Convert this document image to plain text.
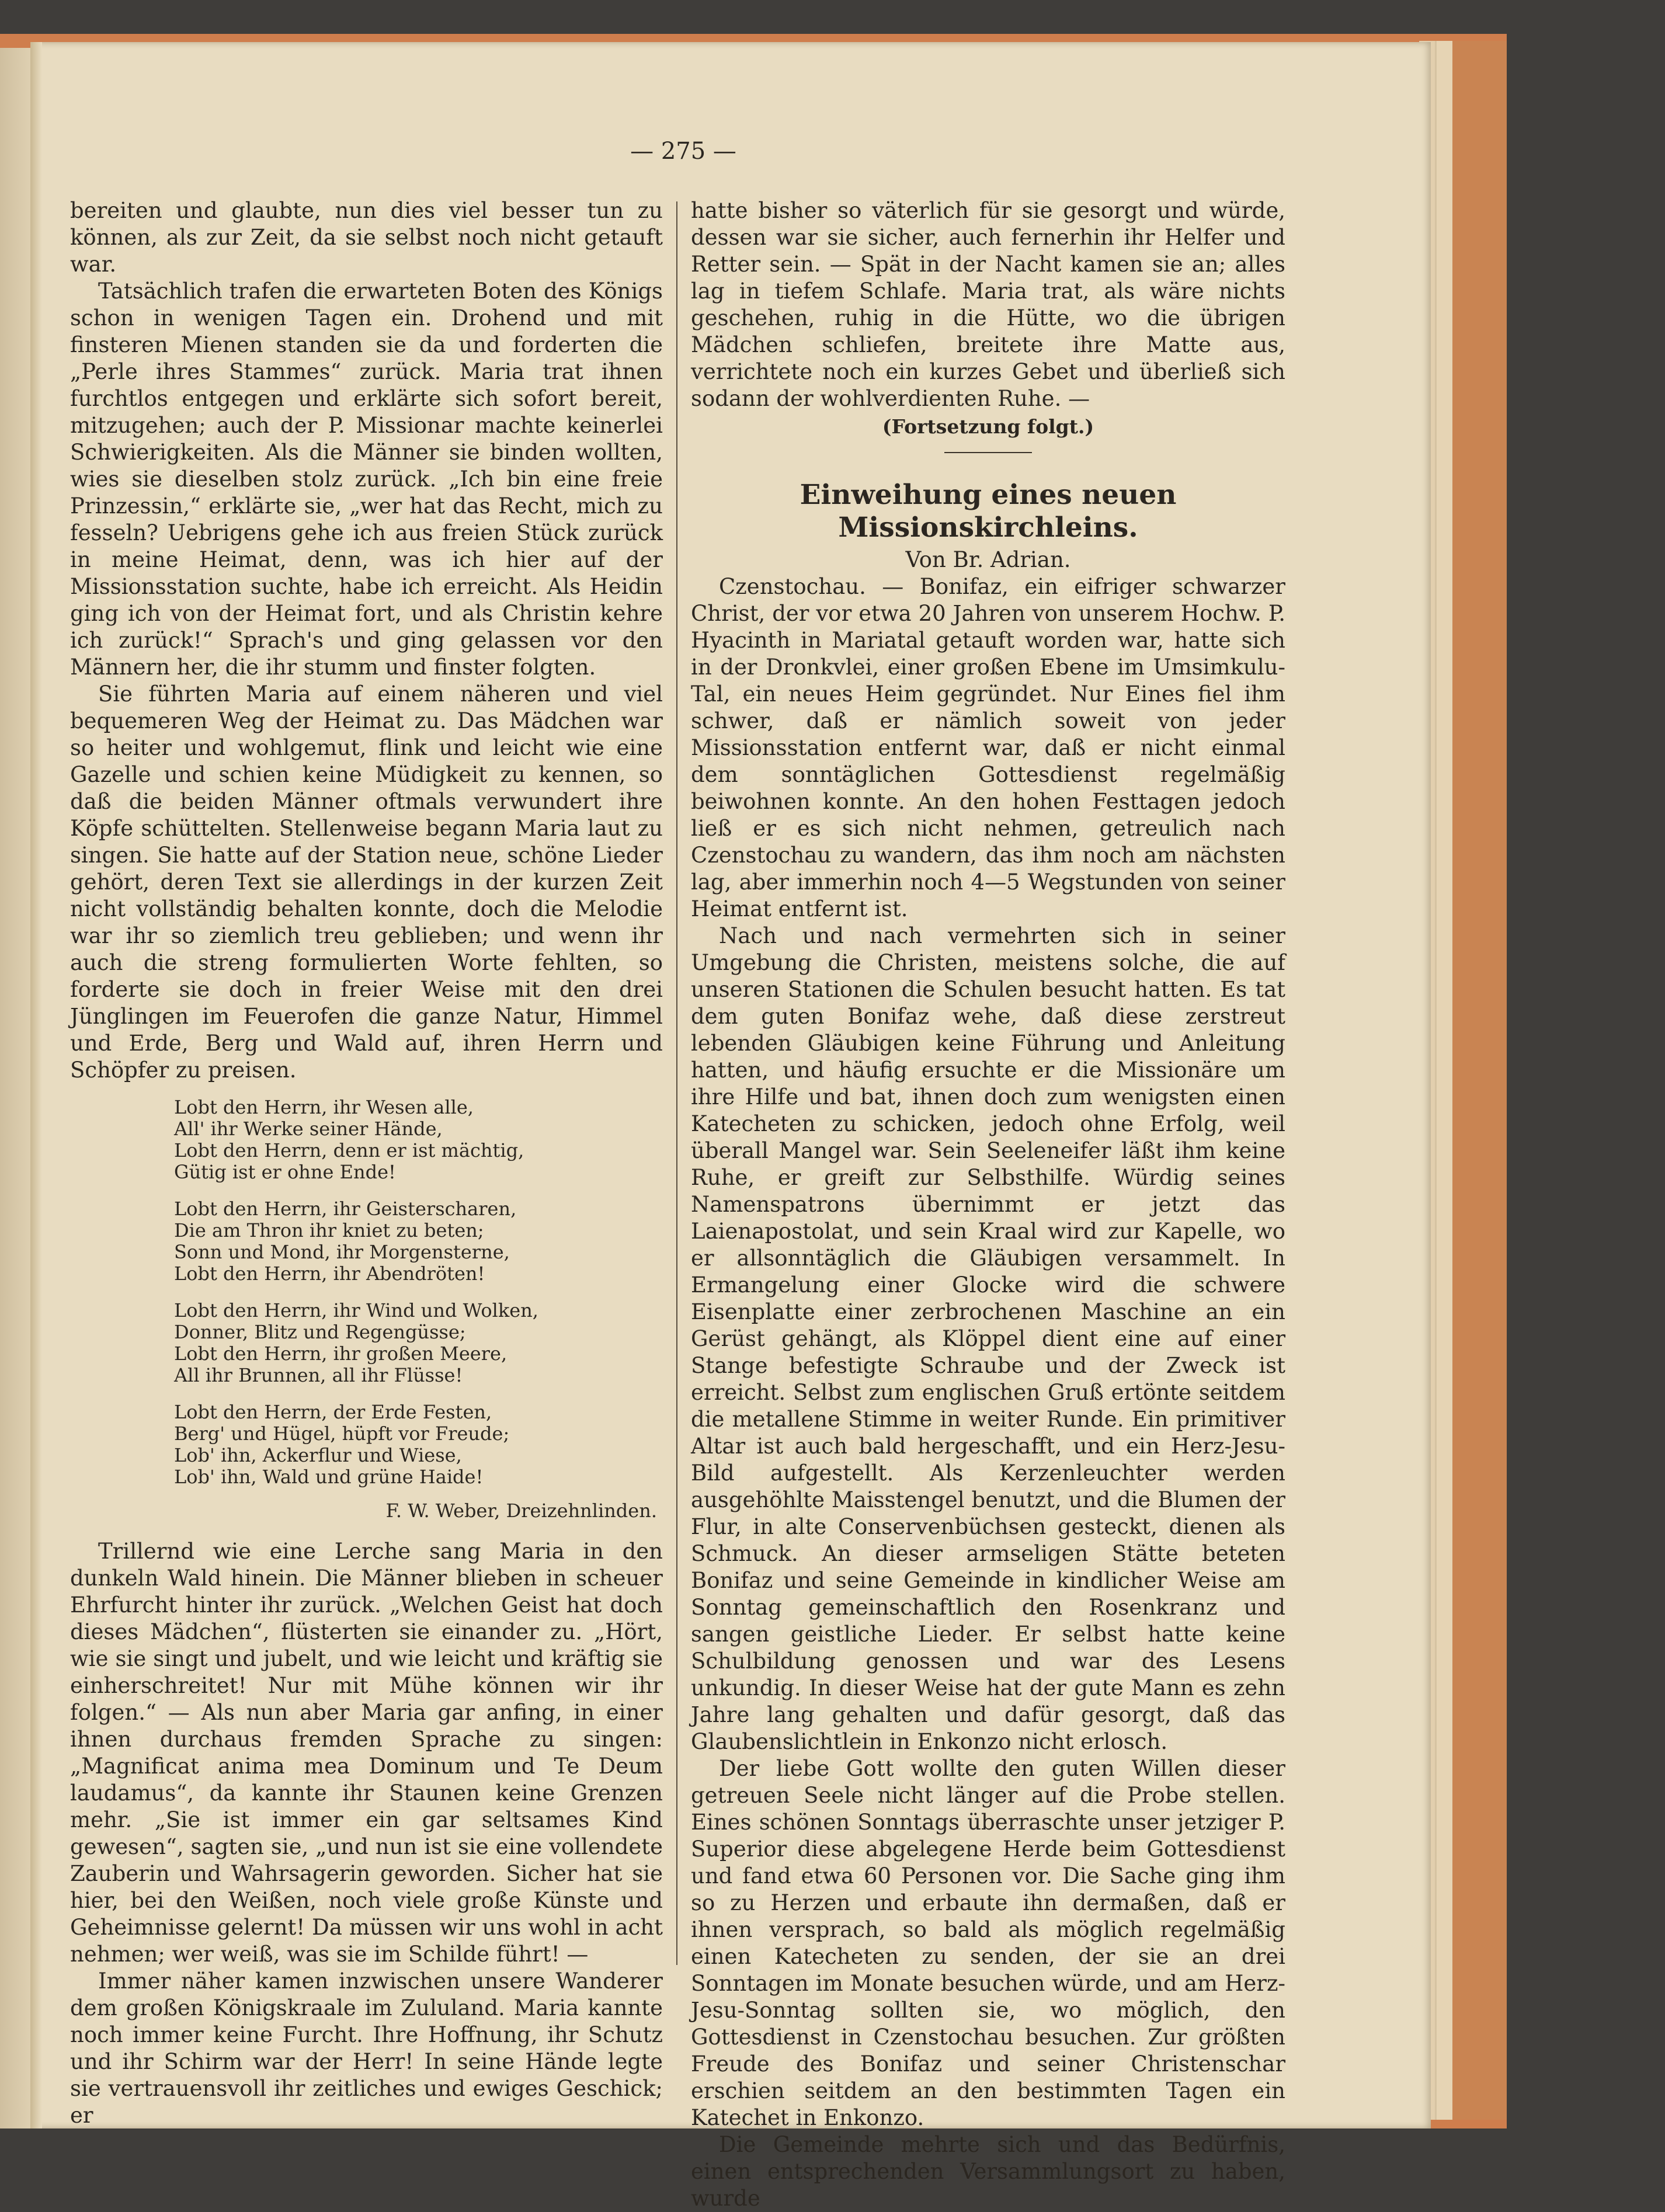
— 275 —

bereiten und glaubte, nun dies viel besser tun zu können, als zur Zeit, da sie selbst noch nicht getauft war.

Tatsächlich trafen die erwarteten Boten des Königs schon in wenigen Tagen ein. Drohend und mit finsteren Mienen standen sie da und forderten die „Perle ihres Stammes“ zurück. Maria trat ihnen furchtlos entgegen und erklärte sich sofort bereit, mitzugehen; auch der P. Missionar machte keinerlei Schwierigkeiten. Als die Männer sie binden wollten, wies sie dieselben stolz zurück. „Ich bin eine freie Prinzessin,“ erklärte sie, „wer hat das Recht, mich zu fesseln? Uebrigens gehe ich aus freien Stück zurück in meine Heimat, denn, was ich hier auf der Missionsstation suchte, habe ich erreicht. Als Heidin ging ich von der Heimat fort, und als Christin kehre ich zurück!“ Sprach's und ging gelassen vor den Männern her, die ihr stumm und finster folgten.

Sie führten Maria auf einem näheren und viel bequemeren Weg der Heimat zu. Das Mädchen war so heiter und wohlgemut, flink und leicht wie eine Gazelle und schien keine Müdigkeit zu kennen, so daß die beiden Männer oftmals verwundert ihre Köpfe schüttelten. Stellenweise begann Maria laut zu singen. Sie hatte auf der Station neue, schöne Lieder gehört, deren Text sie allerdings in der kurzen Zeit nicht vollständig behalten konnte, doch die Melodie war ihr so ziemlich treu geblieben; und wenn ihr auch die streng formulierten Worte fehlten, so forderte sie doch in freier Weise mit den drei Jünglingen im Feuerofen die ganze Natur, Himmel und Erde, Berg und Wald auf, ihren Herrn und Schöpfer zu preisen.

Lobt den Herrn, ihr Wesen alle,
All' ihr Werke seiner Hände,
Lobt den Herrn, denn er ist mächtig,
Gütig ist er ohne Ende!
Lobt den Herrn, ihr Geisterscharen,
Die am Thron ihr kniet zu beten;
Sonn und Mond, ihr Morgensterne,
Lobt den Herrn, ihr Abendröten!
Lobt den Herrn, ihr Wind und Wolken,
Donner, Blitz und Regengüsse;
Lobt den Herrn, ihr großen Meere,
All ihr Brunnen, all ihr Flüsse!
Lobt den Herrn, der Erde Festen,
Berg' und Hügel, hüpft vor Freude;
Lob' ihn, Ackerflur und Wiese,
Lob' ihn, Wald und grüne Haide!
F. W. Weber, Dreizehnlinden.

Trillernd wie eine Lerche sang Maria in den dunkeln Wald hinein. Die Männer blieben in scheuer Ehrfurcht hinter ihr zurück. „Welchen Geist hat doch dieses Mädchen“, flüsterten sie einander zu. „Hört, wie sie singt und jubelt, und wie leicht und kräftig sie einherschreitet! Nur mit Mühe können wir ihr folgen.“ — Als nun aber Maria gar anfing, in einer ihnen durchaus fremden Sprache zu singen: „Magnificat anima mea Dominum und Te Deum laudamus“, da kannte ihr Staunen keine Grenzen mehr. „Sie ist immer ein gar seltsames Kind gewesen“, sagten sie, „und nun ist sie eine vollendete Zauberin und Wahrsagerin geworden. Sicher hat sie hier, bei den Weißen, noch viele große Künste und Geheimnisse gelernt! Da müssen wir uns wohl in acht nehmen; wer weiß, was sie im Schilde führt! —

Immer näher kamen inzwischen unsere Wanderer dem großen Königskraale im Zululand. Maria kannte noch immer keine Furcht. Ihre Hoffnung, ihr Schutz und ihr Schirm war der Herr! In seine Hände legte sie vertrauensvoll ihr zeitliches und ewiges Geschick; er

hatte bisher so väterlich für sie gesorgt und würde, dessen war sie sicher, auch fernerhin ihr Helfer und Retter sein. — Spät in der Nacht kamen sie an; alles lag in tiefem Schlafe. Maria trat, als wäre nichts geschehen, ruhig in die Hütte, wo die übrigen Mädchen schliefen, breitete ihre Matte aus, verrichtete noch ein kurzes Gebet und überließ sich sodann der wohlverdienten Ruhe. —

(Fortsetzung folgt.)
Einweihung eines neuen Missionskirchleins.
Von Br. Adrian.

Czenstochau. — Bonifaz, ein eifriger schwarzer Christ, der vor etwa 20 Jahren von unserem Hochw. P. Hyacinth in Mariatal getauft worden war, hatte sich in der Dronkvlei, einer großen Ebene im Umsimkulu-Tal, ein neues Heim gegründet. Nur Eines fiel ihm schwer, daß er nämlich soweit von jeder Missionsstation entfernt war, daß er nicht einmal dem sonntäglichen Gottesdienst regelmäßig beiwohnen konnte. An den hohen Festtagen jedoch ließ er es sich nicht nehmen, getreulich nach Czenstochau zu wandern, das ihm noch am nächsten lag, aber immerhin noch 4—5 Wegstunden von seiner Heimat entfernt ist.

Nach und nach vermehrten sich in seiner Umgebung die Christen, meistens solche, die auf unseren Stationen die Schulen besucht hatten. Es tat dem guten Bonifaz wehe, daß diese zerstreut lebenden Gläubigen keine Führung und Anleitung hatten, und häufig ersuchte er die Missionäre um ihre Hilfe und bat, ihnen doch zum wenigsten einen Katecheten zu schicken, jedoch ohne Erfolg, weil überall Mangel war. Sein Seeleneifer läßt ihm keine Ruhe, er greift zur Selbsthilfe. Würdig seines Namenspatrons übernimmt er jetzt das Laienapostolat, und sein Kraal wird zur Kapelle, wo er allsonntäglich die Gläubigen versammelt. In Ermangelung einer Glocke wird die schwere Eisenplatte einer zerbrochenen Maschine an ein Gerüst gehängt, als Klöppel dient eine auf einer Stange befestigte Schraube und der Zweck ist erreicht. Selbst zum englischen Gruß ertönte seitdem die metallene Stimme in weiter Runde. Ein primitiver Altar ist auch bald hergeschafft, und ein Herz-Jesu-Bild aufgestellt. Als Kerzenleuchter werden ausgehöhlte Maisstengel benutzt, und die Blumen der Flur, in alte Conservenbüchsen gesteckt, dienen als Schmuck. An dieser armseligen Stätte beteten Bonifaz und seine Gemeinde in kindlicher Weise am Sonntag gemeinschaftlich den Rosenkranz und sangen geistliche Lieder. Er selbst hatte keine Schulbildung genossen und war des Lesens unkundig. In dieser Weise hat der gute Mann es zehn Jahre lang gehalten und dafür gesorgt, daß das Glaubenslichtlein in Enkonzo nicht erlosch.

Der liebe Gott wollte den guten Willen dieser getreuen Seele nicht länger auf die Probe stellen. Eines schönen Sonntags überraschte unser jetziger P. Superior diese abgelegene Herde beim Gottesdienst und fand etwa 60 Personen vor. Die Sache ging ihm so zu Herzen und erbaute ihn dermaßen, daß er ihnen versprach, so bald als möglich regelmäßig einen Katecheten zu senden, der sie an drei Sonntagen im Monate besuchen würde, und am Herz-Jesu-Sonntag sollten sie, wo möglich, den Gottesdienst in Czenstochau besuchen. Zur größten Freude des Bonifaz und seiner Christenschar erschien seitdem an den bestimmten Tagen ein Katechet in Enkonzo.

Die Gemeinde mehrte sich und das Bedürfnis, einen entsprechenden Versammlungsort zu haben, wurde
